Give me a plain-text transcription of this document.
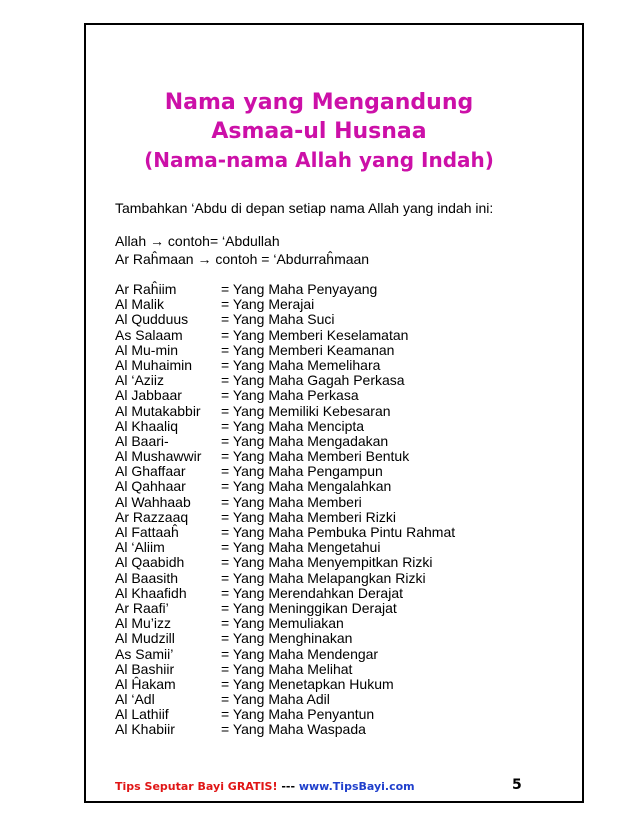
Nama yang Mengandung
Asmaa-ul Husnaa
(Nama-nama Allah yang Indah)
Tambahkan ‘Abdu di depan setiap nama Allah yang indah ini:
Allah → contoh= ‘Abdullah
Ar Raĥmaan → contoh = ‘Abdurraĥmaan
Ar Raĥiim	= Yang Maha Penyayang
Al Malik	= Yang Merajai
Al Qudduus	= Yang Maha Suci
As Salaam	= Yang Memberi Keselamatan
Al Mu-min	= Yang Memberi Keamanan
Al Muhaimin	= Yang Maha Memelihara
Al ‘Aziiz	= Yang Maha Gagah Perkasa
Al Jabbaar	= Yang Maha Perkasa
Al Mutakabbir	= Yang Memiliki Kebesaran
Al Khaaliq	= Yang Maha Mencipta
Al Baari-	= Yang Maha Mengadakan
Al Mushawwir	= Yang Maha Memberi Bentuk
Al Ghaffaar	= Yang Maha Pengampun
Al Qahhaar	= Yang Maha Mengalahkan
Al Wahhaab	= Yang Maha Memberi
Ar Razzaaq	= Yang Maha Memberi Rizki
Al Fattaaĥ	= Yang Maha Pembuka Pintu Rahmat
Al ‘Aliim	= Yang Maha Mengetahui
Al Qaabidh	= Yang Maha Menyempitkan Rizki
Al Baasith	= Yang Maha Melapangkan Rizki
Al Khaafidh	= Yang Merendahkan Derajat
Ar Raafi’	= Yang Meninggikan Derajat
Al Mu’izz	= Yang Memuliakan
Al Mudzill	= Yang Menghinakan
As Samii’	= Yang Maha Mendengar
Al Bashiir	= Yang Maha Melihat
Al Ĥakam	= Yang Menetapkan Hukum
Al ‘Adl	= Yang Maha Adil
Al Lathiif	= Yang Maha Penyantun
Al Khabiir	= Yang Maha Waspada
Tips Seputar Bayi GRATIS! --- www.TipsBayi.com	5
